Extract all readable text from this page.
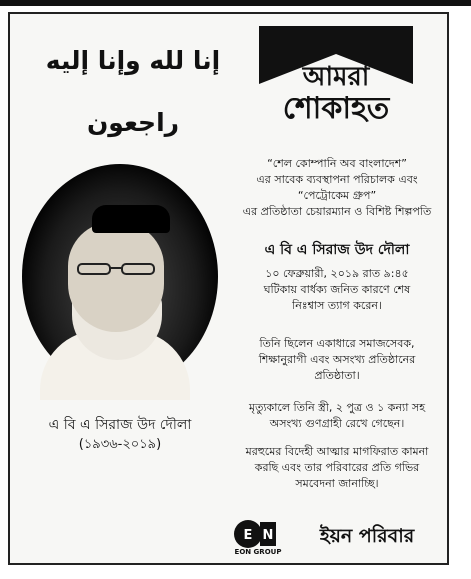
إنا لله وإنا إليه راجعون
আমরা
শোকাহত
এ বি এ সিরাজ উদ দৌলা
(১৯৩৬-২০১৯)
“শেল কোম্পানি অব বাংলাদেশ”
এর সাবেক ব্যবস্থাপনা পরিচালক এবং
“পেট্রোকেম গ্রুপ”
এর প্রতিষ্ঠাতা চেয়ারম্যান ও বিশিষ্ট শিল্পপতি
এ বি এ সিরাজ উদ দৌলা
১০ ফেব্রুয়ারী, ২০১৯ রাত ৯:৪৫
ঘটিকায় বার্ধক্য জনিত কারণে শেষ
নিঃশ্বাস ত্যাগ করেন।
তিনি ছিলেন একাধারে সমাজসেবক,
শিক্ষানুরাগী এবং অসংখ্য প্রতিষ্ঠানের
প্রতিষ্ঠাতা।
মৃত্যুকালে তিনি স্ত্রী, ২ পুত্র ও ১ কন্যা সহ
অসংখ্য গুণগ্রাহী রেখে গেছেন।
মরহুমের বিদেহী আত্মার মাগফিরাত কামনা
করছি এবং তার পরিবারের প্রতি গভির
সমবেদনা জানাচ্ছি।
E N
EON GROUP
ইয়ন পরিবার
